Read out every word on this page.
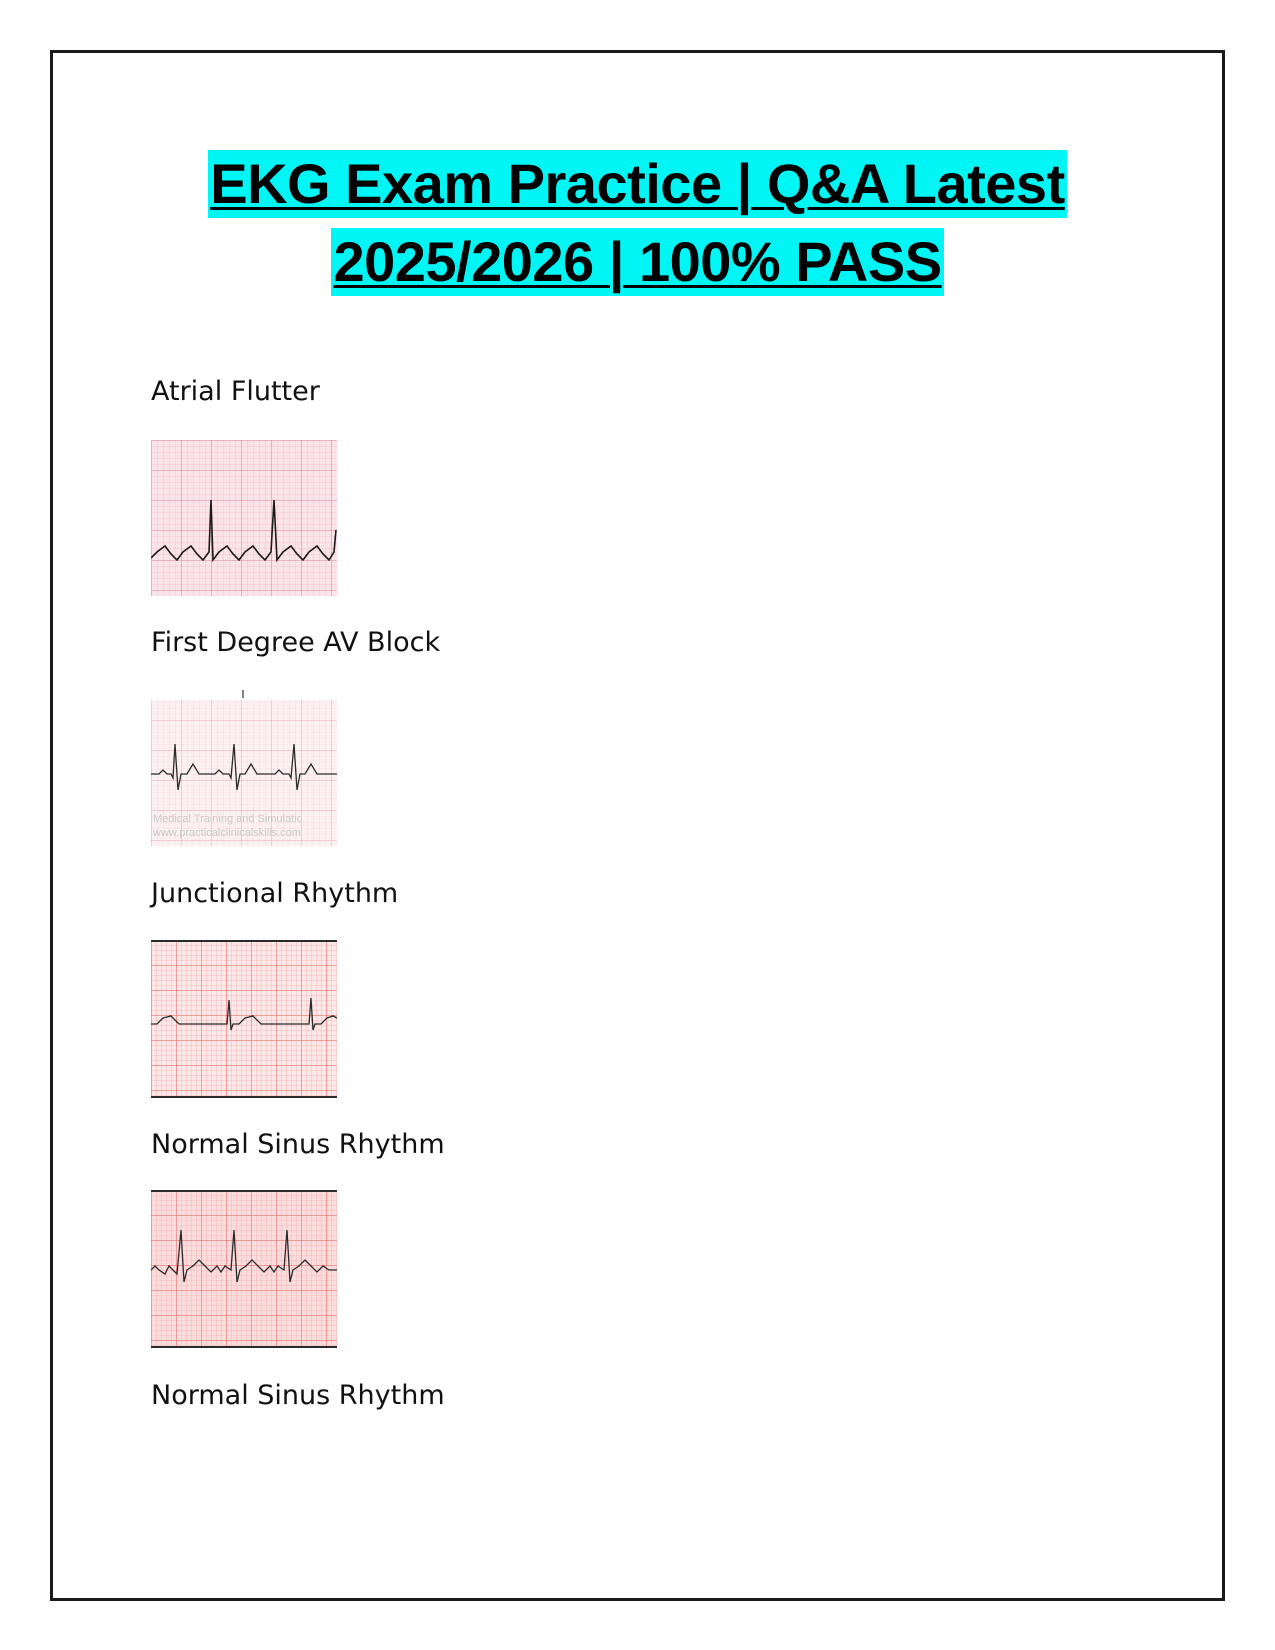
EKG Exam Practice | Q&A Latest
2025/2026 | 100% PASS
Atrial Flutter
First Degree AV Block
Medical Training and Simulatic
www.practicalclinicalskills.com
Junctional Rhythm
Normal Sinus Rhythm
Normal Sinus Rhythm
